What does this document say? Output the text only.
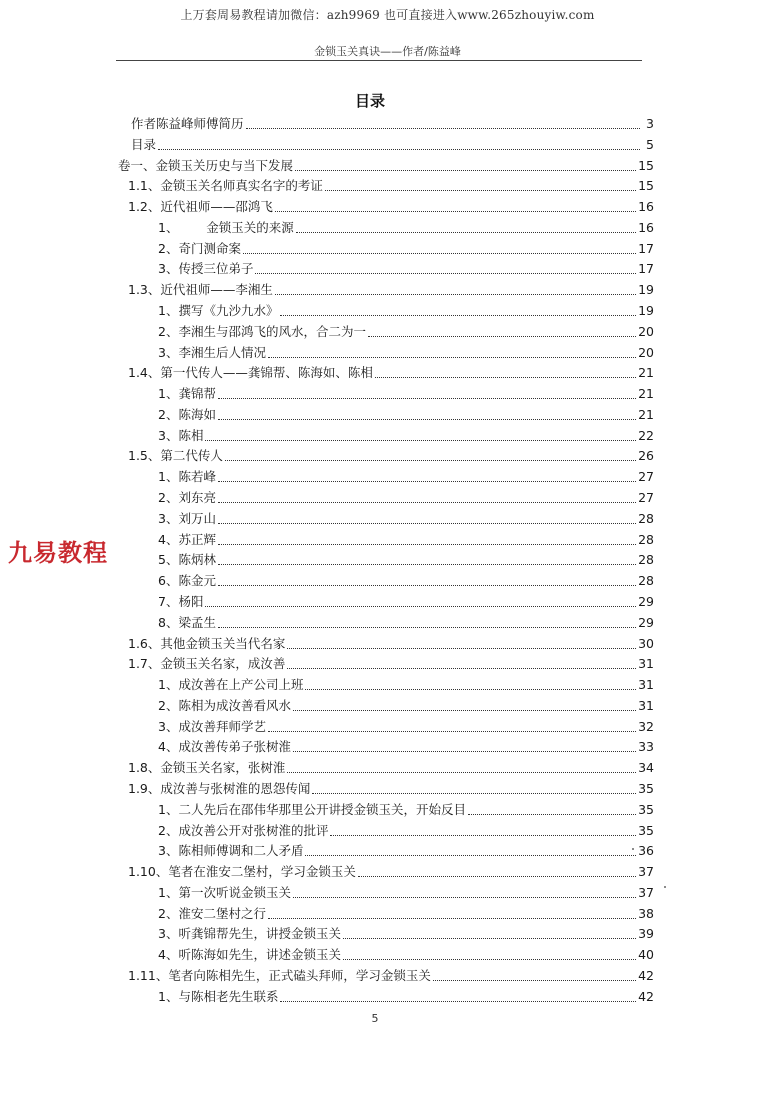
上万套周易教程请加微信：azh9969 也可直接进入www.265zhouyiw.com
金锁玉关真诀——作者/陈益峰
目录
作者陈益峰师傅简历	3
目录	5
卷一、金锁玉关历史与当下发展	15
1.1、 金锁玉关名师真实名字的考证	15
1.2、 近代祖师——邵鸿飞	16
1、 金锁玉关的来源	16
2、 奇门测命案	17
3、 传授三位弟子	17
1.3、 近代祖师——李湘生	19
1、 撰写《九沙九水》	19
2、 李湘生与邵鸿飞的风水，合二为一	20
3、 李湘生后人情况	20
1.4、 第一代传人——龚锦帮、陈海如、陈相	21
1、 龚锦帮	21
2、 陈海如	21
3、 陈相	22
1.5、 第二代传人	26
1、 陈若峰	27
2、 刘东亮	27
3、 刘万山	28
4、 苏正辉	28
5、 陈炳林	28
6、 陈金元	28
7、 杨阳	29
8、 梁孟生	29
1.6、 其他金锁玉关当代名家	30
1.7、 金锁玉关名家，成汝善	31
1、 成汝善在上产公司上班	31
2、 陈相为成汝善看风水	31
3、 成汝善拜师学艺	32
4、 成汝善传弟子张树淮	33
1.8、 金锁玉关名家，张树淮	34
1.9、 成汝善与张树淮的恩怨传闻	35
1、 二人先后在邵伟华那里公开讲授金锁玉关，开始反目	35
2、 成汝善公开对张树淮的批评	35
3、 陈相师傅调和二人矛盾	36
1.10、 笔者在淮安二堡村，学习金锁玉关	37
1、 第一次听说金锁玉关	37
2、 淮安二堡村之行	38
3、 听龚锦帮先生，讲授金锁玉关	39
4、 听陈海如先生，讲述金锁玉关	40
1.11、 笔者向陈相先生，正式磕头拜师，学习金锁玉关	42
1、 与陈相老先生联系	42
九易教程
5
